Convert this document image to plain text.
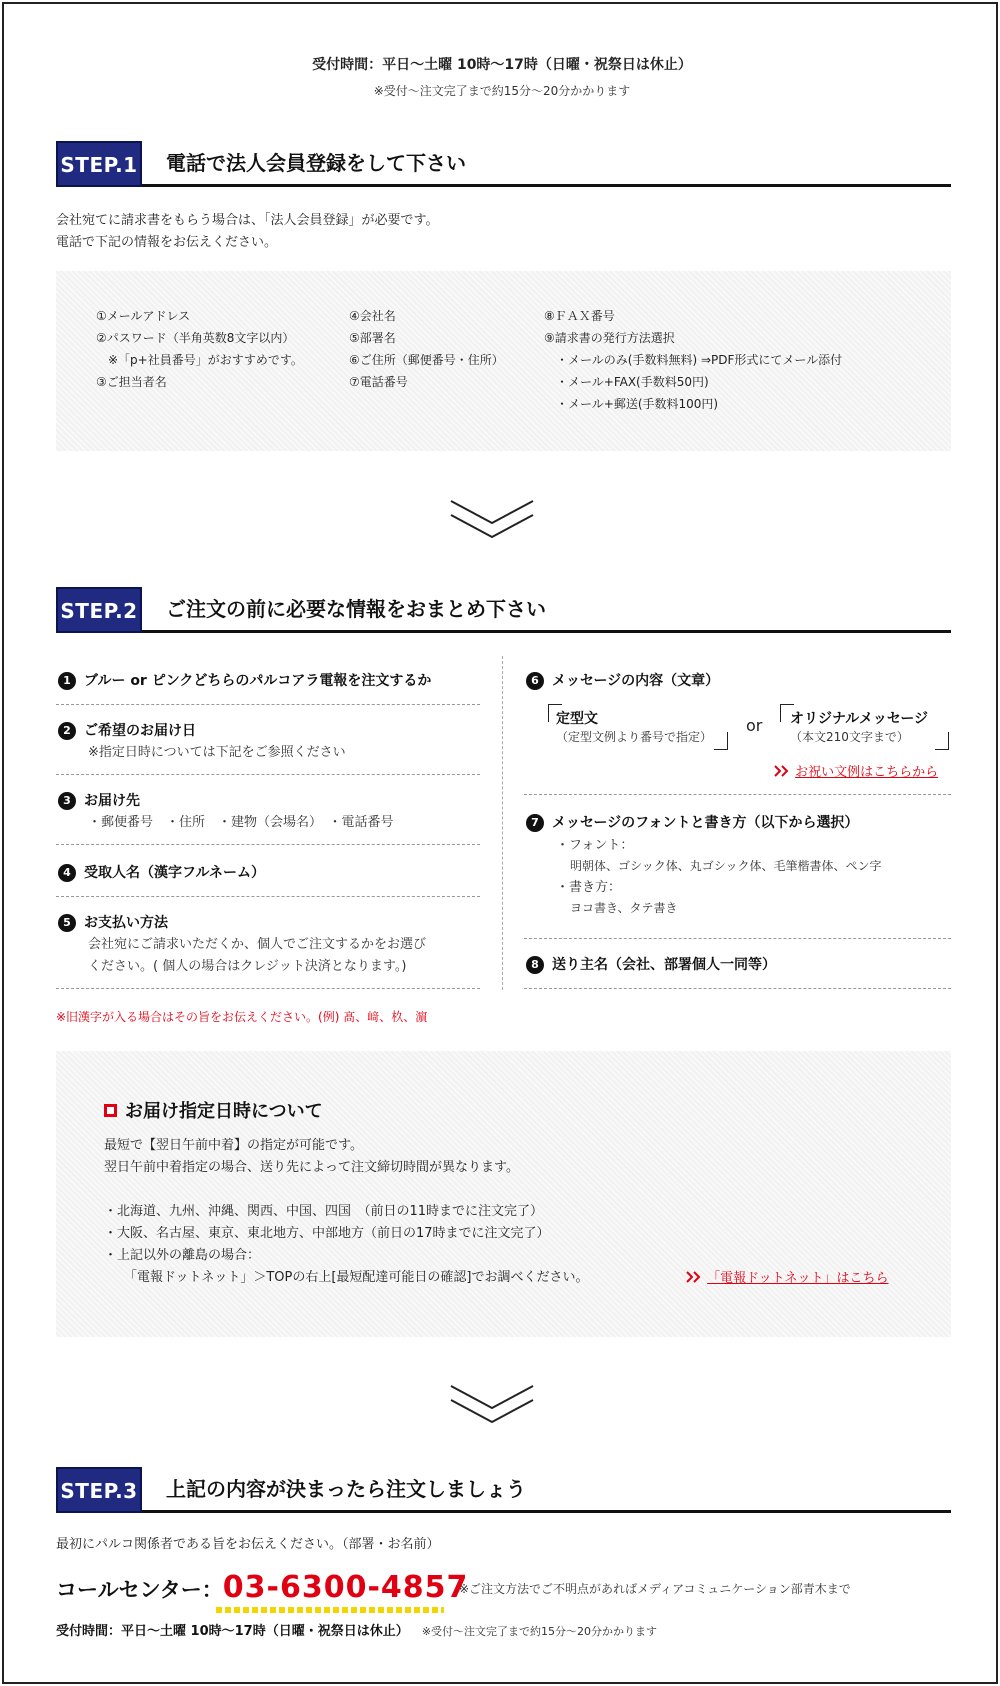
受付時間：平日〜土曜 10時〜17時（日曜・祝祭日は休止）
※受付〜注文完了まで約15分〜20分かかります
STEP.1 電話で法人会員登録をして下さい
会社宛てに請求書をもらう場合は、「法人会員登録」が必要です。
電話で下記の情報をお伝えください。
①メールアドレス
②パスワード（半角英数8文字以内）
　※「p+社員番号」がおすすめです。
③ご担当者名
④会社名
⑤部署名
⑥ご住所（郵便番号・住所）
⑦電話番号
⑧ＦＡＸ番号
⑨請求書の発行方法選択
　・メールのみ(手数料無料) ⇒PDF形式にてメール添付
　・メール+FAX(手数料50円)
　・メール+郵送(手数料100円)
STEP.2 ご注文の前に必要な情報をおまとめ下さい
1 ブルー or ピンクどちらのパルコアラ電報を注文するか
2 ご希望のお届け日
※指定日時については下記をご参照ください
3 お届け先
・郵便番号　・住所　・建物（会場名）　・電話番号
4 受取人名（漢字フルネーム）
5 お支払い方法
会社宛にご請求いただくか、個人でご注文するかをお選び
ください。( 個人の場合はクレジット決済となります。)
※旧漢字が入る場合はその旨をお伝えください。(例) 髙、﨑、杦、濵
6 メッセージの内容（文章）
定型文
（定型文例より番号で指定）
or オリジナルメッセージ
（本文210文字まで）
お祝い文例はこちらから
7 メッセージのフォントと書き方（以下から選択）
・フォント：
明朝体、ゴシック体、丸ゴシック体、毛筆楷書体、ペン字
・書き方：
ヨコ書き、タテ書き
8 送り主名（会社、部署個人一同等）
お届け指定日時について
最短で【翌日午前中着】の指定が可能です。
翌日午前中着指定の場合、送り先によって注文締切時間が異なります。
・北海道、九州、沖縄、関西、中国、四国　（前日の11時までに注文完了）
・大阪、名古屋、東京、東北地方、中部地方（前日の17時までに注文完了）
・上記以外の離島の場合：
「電報ドットネット」＞TOPの右上[最短配達可能日の確認]でお調べください。	「電報ドットネット」はこちら
STEP.3 上記の内容が決まったら注文しましょう
最初にパルコ関係者である旨をお伝えください。（部署・お名前）
コールセンター：03-6300-4857
※ご注文方法でご不明点があればメディアコミュニケーション部青木まで
受付時間：平日〜土曜 10時〜17時（日曜・祝祭日は休止） ※受付〜注文完了まで約15分〜20分かかります
